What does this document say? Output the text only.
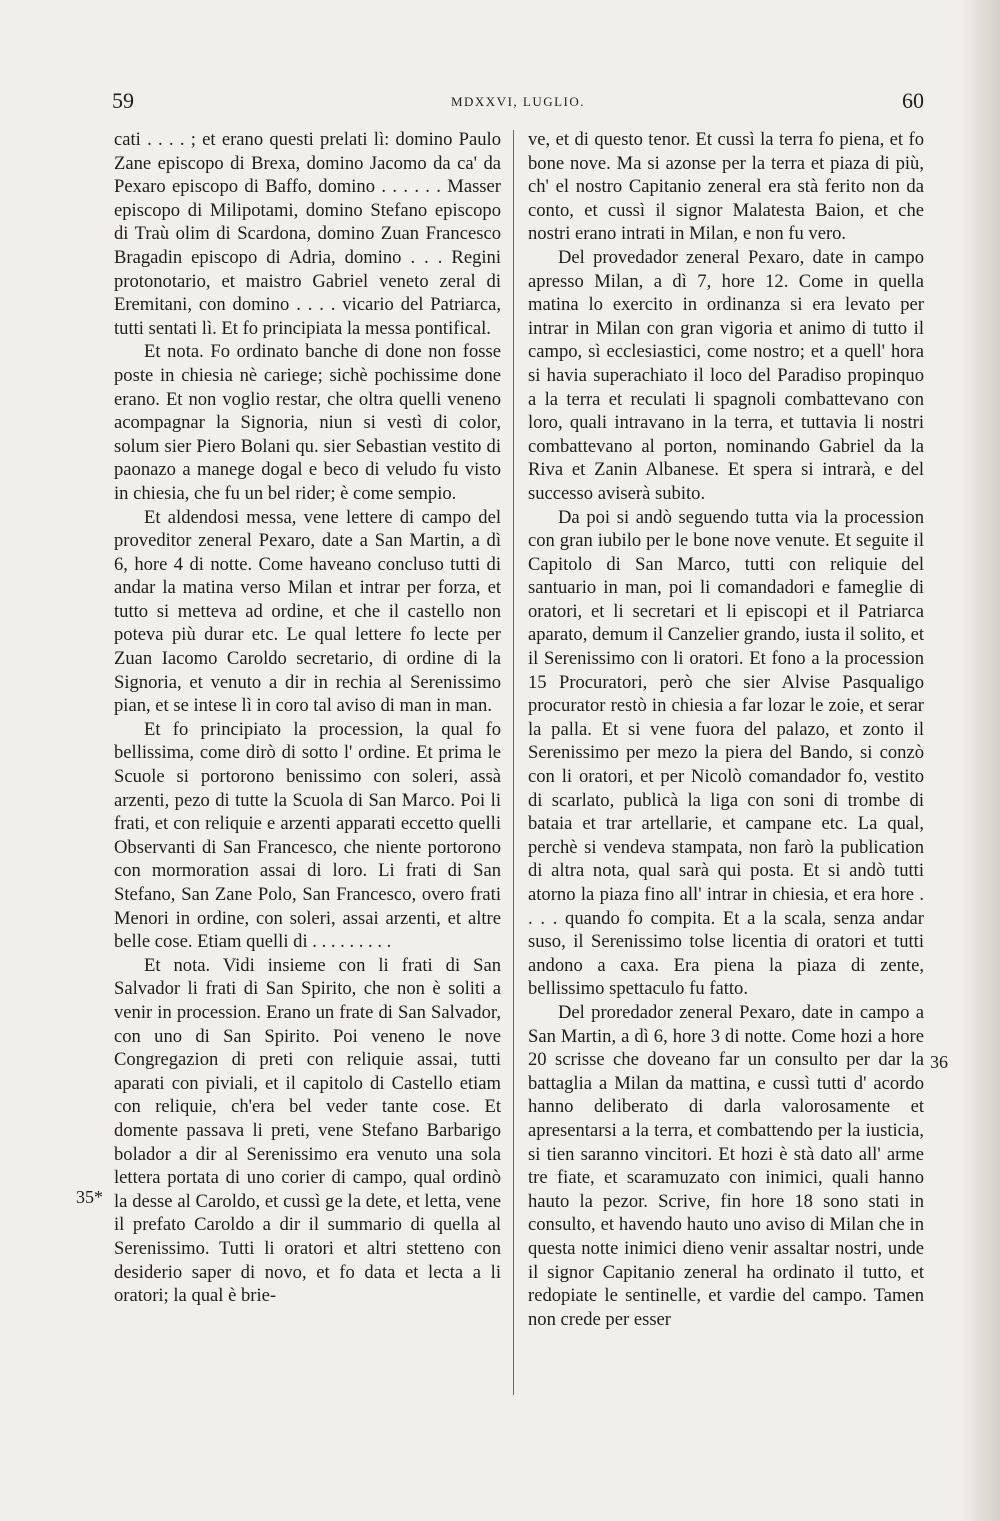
59	MDXXVI, LUGLIO.	60

cati . . . . ; et erano questi prelati lì: domino Paulo Zane episcopo di Brexa, domino Jacomo da ca' da Pexaro episcopo di Baffo, domino . . . . . . Masser episcopo di Milipotami, domino Stefano episcopo di Traù olim di Scardona, domino Zuan Francesco Bragadin episcopo di Adria, domino . . . Regini protonotario, et maistro Gabriel veneto zeral di Eremitani, con domino . . . . vicario del Patriarca, tutti sentati lì. Et fo principiata la messa pontifical.

Et nota. Fo ordinato banche di done non fosse poste in chiesia nè cariege; sichè pochissime done erano. Et non voglio restar, che oltra quelli veneno acompagnar la Signoria, niun si vestì di color, solum sier Piero Bolani qu. sier Sebastian vestito di paonazo a manege dogal e beco di veludo fu visto in chiesia, che fu un bel rider; è come sempio.

Et aldendosi messa, vene lettere di campo del proveditor zeneral Pexaro, date a San Martin, a dì 6, hore 4 di notte. Come haveano concluso tutti di andar la matina verso Milan et intrar per forza, et tutto si metteva ad ordine, et che il castello non poteva più durar etc. Le qual lettere fo lecte per Zuan Iacomo Caroldo secretario, di ordine di la Signoria, et venuto a dir in rechia al Serenissimo pian, et se intese lì in coro tal aviso di man in man.

Et fo principiato la procession, la qual fo bellissima, come dirò di sotto l' ordine. Et prima le Scuole si portorono benissimo con soleri, assà arzenti, pezo di tutte la Scuola di San Marco. Poi li frati, et con reliquie e arzenti apparati eccetto quelli Observanti di San Francesco, che niente portorono con mormoration assai di loro. Li frati di San Stefano, San Zane Polo, San Francesco, overo frati Menori in ordine, con soleri, assai arzenti, et altre belle cose. Etiam quelli di . . . . . . . . .

Et nota. Vidi insieme con li frati di San Salvador li frati di San Spirito, che non è soliti a venir in procession. Erano un frate di San Salvador, con uno di San Spirito. Poi veneno le nove Congregazion di preti con reliquie assai, tutti aparati con piviali, et il capitolo di Castello etiam con reliquie, ch'era bel veder tante cose. Et domente passava li preti, vene Stefano Barbarigo bolador a dir al Serenissimo era venuto una sola lettera portata di uno corier di campo, qual ordinò la desse al Caroldo, et cussì ge la dete, et letta, vene il prefato Caroldo a dir il summario di quella al Serenissimo. Tutti li oratori et altri stetteno con desiderio saper di novo, et fo data et lecta a li oratori; la qual è brie-

ve, et di questo tenor. Et cussì la terra fo piena, et fo bone nove. Ma si azonse per la terra et piaza di più, ch' el nostro Capitanio zeneral era stà ferito non da conto, et cussì il signor Malatesta Baion, et che nostri erano intrati in Milan, e non fu vero.

Del provedador zeneral Pexaro, date in campo apresso Milan, a dì 7, hore 12. Come in quella matina lo exercito in ordinanza si era levato per intrar in Milan con gran vigoria et animo di tutto il campo, sì ecclesiastici, come nostro; et a quell' hora si havia superachiato il loco del Paradiso propinquo a la terra et reculati li spagnoli combattevano con loro, quali intravano in la terra, et tuttavia li nostri combattevano al porton, nominando Gabriel da la Riva et Zanin Albanese. Et spera si intrarà, e del successo aviserà subito.

Da poi si andò seguendo tutta via la procession con gran iubilo per le bone nove venute. Et seguite il Capitolo di San Marco, tutti con reliquie del santuario in man, poi li comandadori e fameglie di oratori, et li secretari et li episcopi et il Patriarca aparato, demum il Canzelier grando, iusta il solito, et il Serenissimo con li oratori. Et fono a la procession 15 Procuratori, però che sier Alvise Pasqualigo procurator restò in chiesia a far lozar le zoie, et serar la palla. Et si vene fuora del palazo, et zonto il Serenissimo per mezo la piera del Bando, si conzò con li oratori, et per Nicolò comandador fo, vestito di scarlato, publicà la liga con soni di trombe di bataia et trar artellarie, et campane etc. La qual, perchè si vendeva stampata, non farò la publication di altra nota, qual sarà qui posta. Et si andò tutti atorno la piaza fino all' intrar in chiesia, et era hore . . . . quando fo compita. Et a la scala, senza andar suso, il Serenissimo tolse licentia di oratori et tutti andono a caxa. Era piena la piaza di zente, bellissimo spettaculo fu fatto.

Del proredador zeneral Pexaro, date in campo a San Martin, a dì 6, hore 3 di notte. Come hozi a hore 20 scrisse che doveano far un consulto per dar la battaglia a Milan da mattina, e cussì tutti d' acordo hanno deliberato di darla valorosamente et apresentarsi a la terra, et combattendo per la iusticia, si tien saranno vincitori. Et hozi è stà dato all' arme tre fiate, et scaramuzato con inimici, quali hanno hauto la pezor. Scrive, fin hore 18 sono stati in consulto, et havendo hauto uno aviso di Milan che in questa notte inimici dieno venir assaltar nostri, unde il signor Capitanio zeneral ha ordinato il tutto, et redopiate le sentinelle, et vardie del campo. Tamen non crede per esser

35*
36
